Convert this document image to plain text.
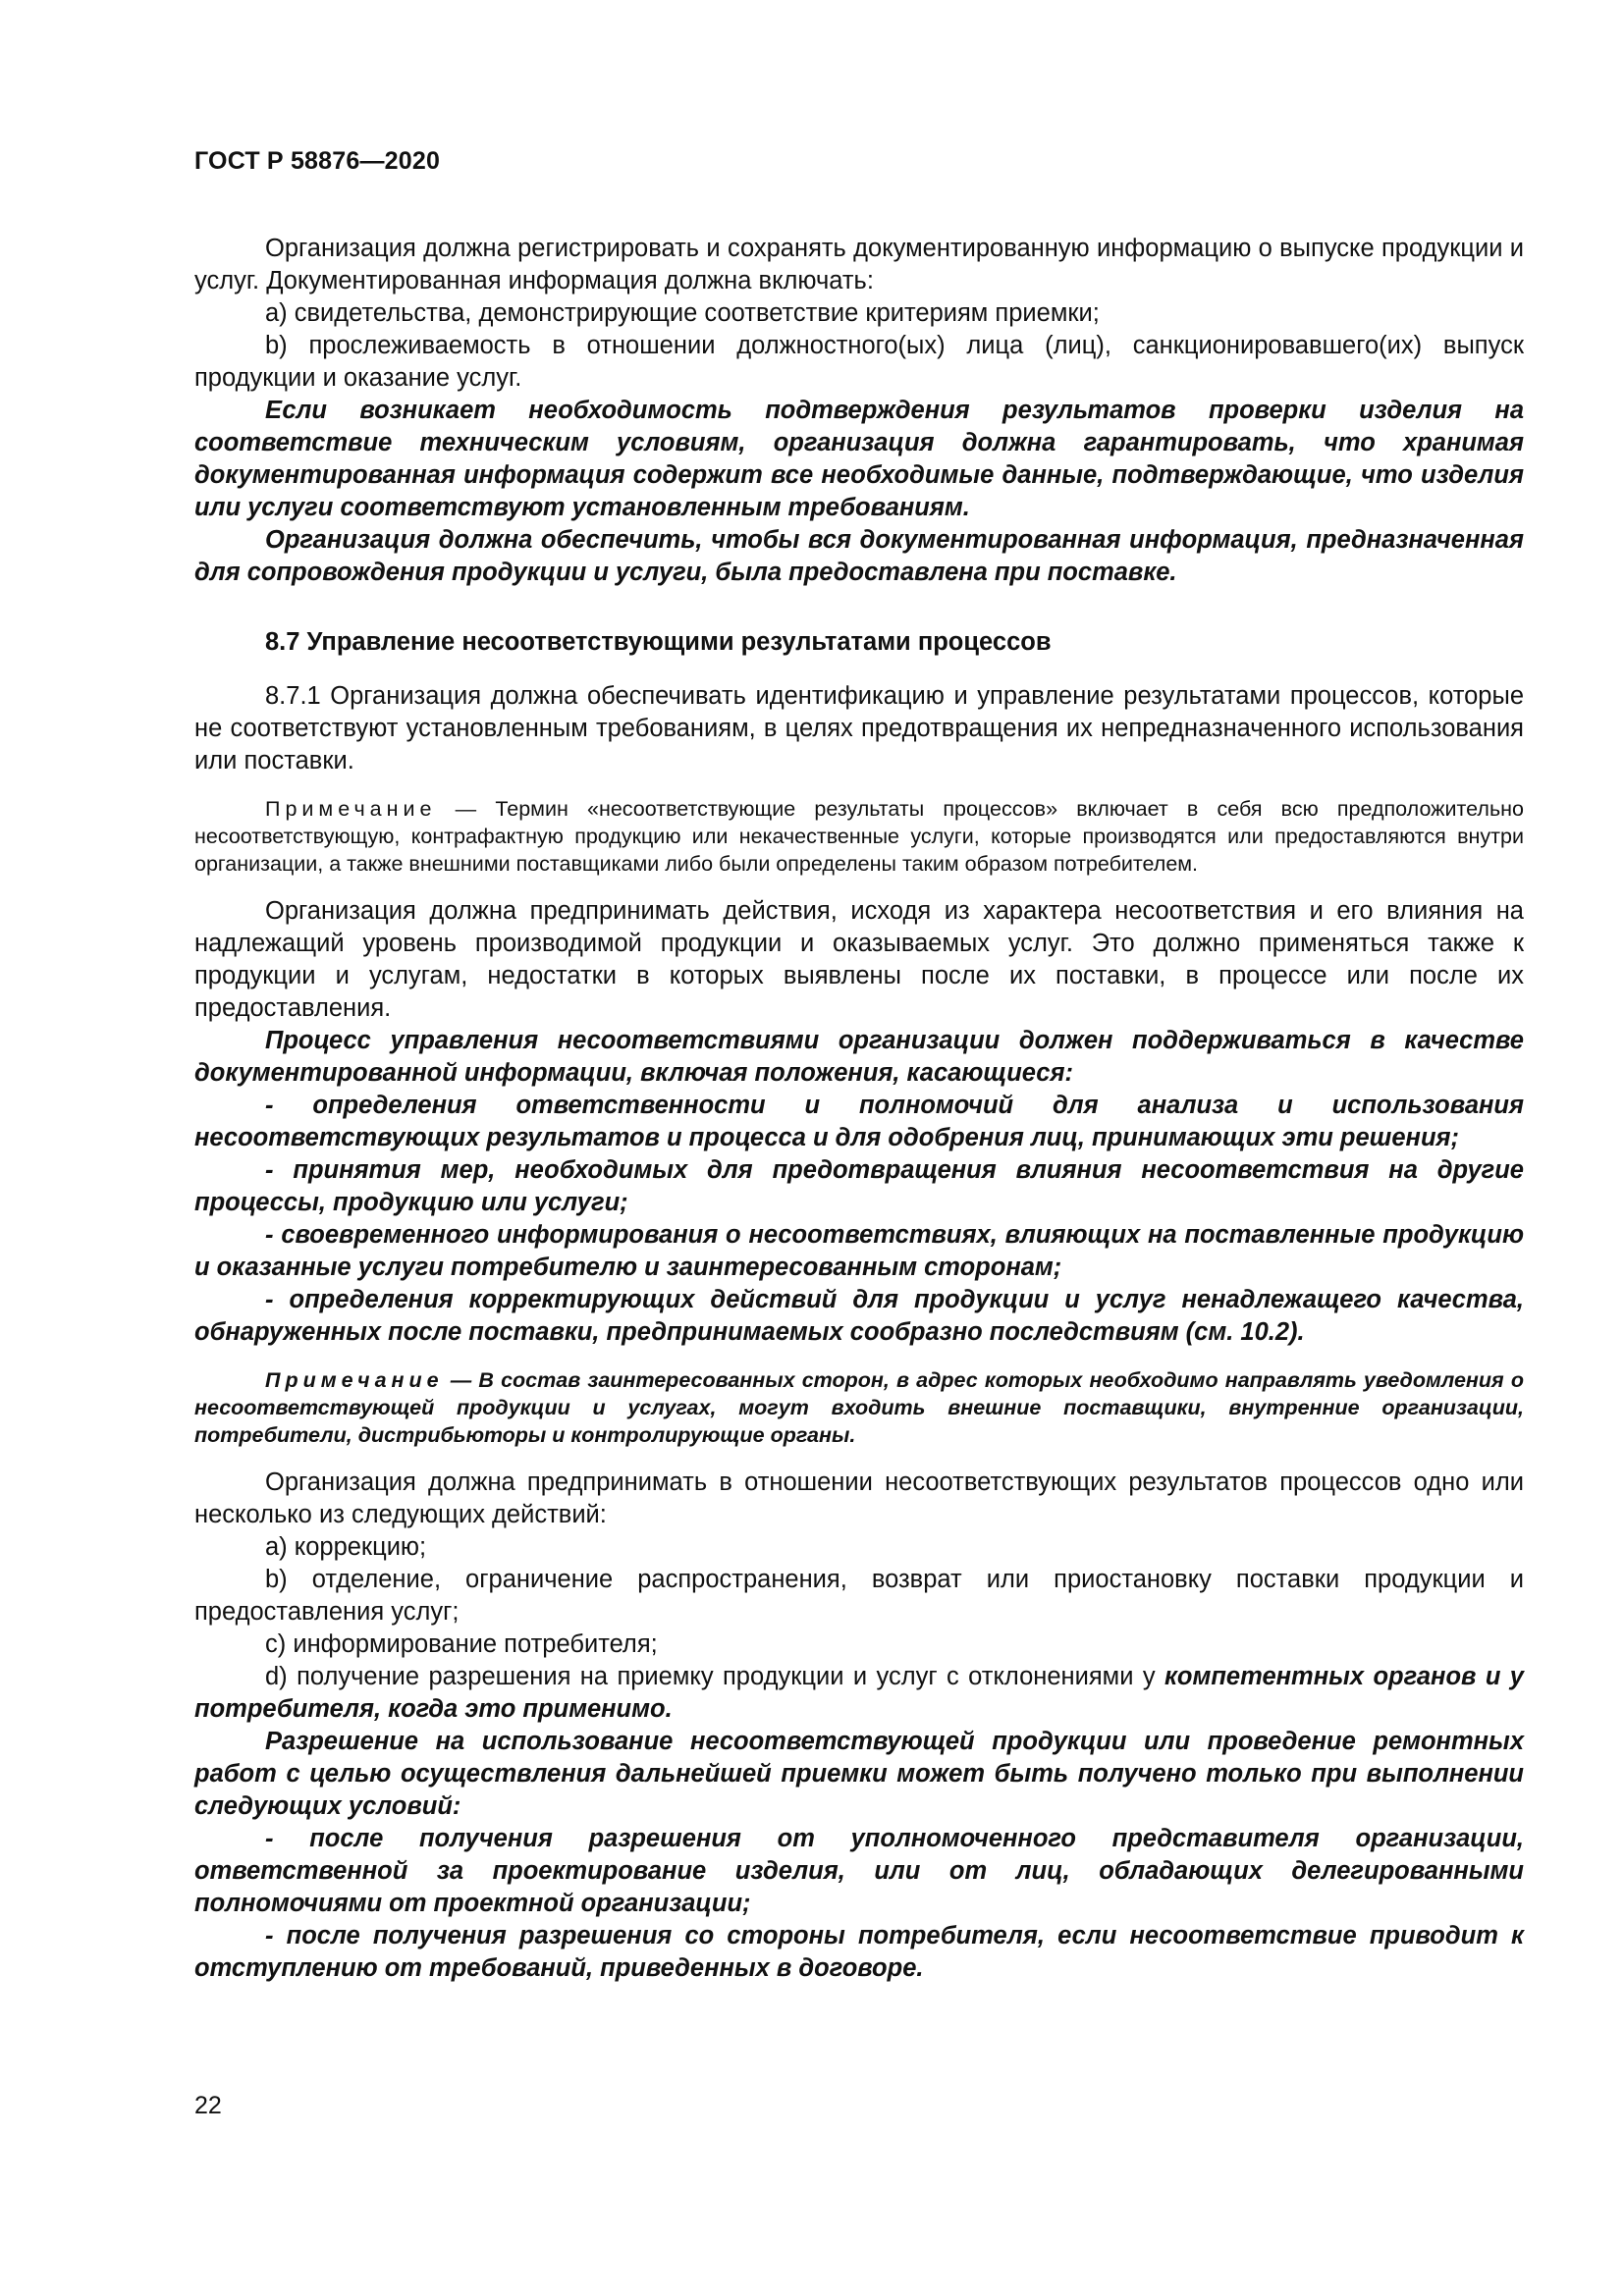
ГОСТ Р 58876—2020

Организация должна регистрировать и сохранять документированную информацию о выпуске продукции и услуг. Документированная информация должна включать:

a) свидетельства, демонстрирующие соответствие критериям приемки;

b) прослеживаемость в отношении должностного(ых) лица (лиц), санкционировавшего(их) выпуск продукции и оказание услуг.

Если возникает необходимость подтверждения результатов проверки изделия на соответствие техническим условиям, организация должна гарантировать, что хранимая документированная информация содержит все необходимые данные, подтверждающие, что изделия или услуги соответствуют установленным требованиям.

Организация должна обеспечить, чтобы вся документированная информация, предназначенная для сопровождения продукции и услуги, была предоставлена при поставке.

8.7 Управление несоответствующими результатами процессов

8.7.1 Организация должна обеспечивать идентификацию и управление результатами процессов, которые не соответствуют установленным требованиям, в целях предотвращения их непредназначенного использования или поставки.

Примечание — Термин «несоответствующие результаты процессов» включает в себя всю предположительно несоответствующую, контрафактную продукцию или некачественные услуги, которые производятся или предоставляются внутри организации, а также внешними поставщиками либо были определены таким образом потребителем.

Организация должна предпринимать действия, исходя из характера несоответствия и его влияния на надлежащий уровень производимой продукции и оказываемых услуг. Это должно применяться также к продукции и услугам, недостатки в которых выявлены после их поставки, в процессе или после их предоставления.

Процесс управления несоответствиями организации должен поддерживаться в качестве документированной информации, включая положения, касающиеся:

- определения ответственности и полномочий для анализа и использования несоответствующих результатов и процесса и для одобрения лиц, принимающих эти решения;

- принятия мер, необходимых для предотвращения влияния несоответствия на другие процессы, продукцию или услуги;

- своевременного информирования о несоответствиях, влияющих на поставленные продукцию и оказанные услуги потребителю и заинтересованным сторонам;

- определения корректирующих действий для продукции и услуг ненадлежащего качества, обнаруженных после поставки, предпринимаемых сообразно последствиям (см. 10.2).

Примечание — В состав заинтересованных сторон, в адрес которых необходимо направлять уведомления о несоответствующей продукции и услугах, могут входить внешние поставщики, внутренние организации, потребители, дистрибьюторы и контролирующие органы.

Организация должна предпринимать в отношении несоответствующих результатов процессов одно или несколько из следующих действий:

a) коррекцию;

b) отделение, ограничение распространения, возврат или приостановку поставки продукции и предоставления услуг;

c) информирование потребителя;

d) получение разрешения на приемку продукции и услуг с отклонениями у компетентных органов и у потребителя, когда это применимо.

Разрешение на использование несоответствующей продукции или проведение ремонтных работ с целью осуществления дальнейшей приемки может быть получено только при выполнении следующих условий:

- после получения разрешения от уполномоченного представителя организации, ответственной за проектирование изделия, или от лиц, обладающих делегированными полномочиями от проектной организации;

- после получения разрешения со стороны потребителя, если несоответствие приводит к отступлению от требований, приведенных в договоре.

22
